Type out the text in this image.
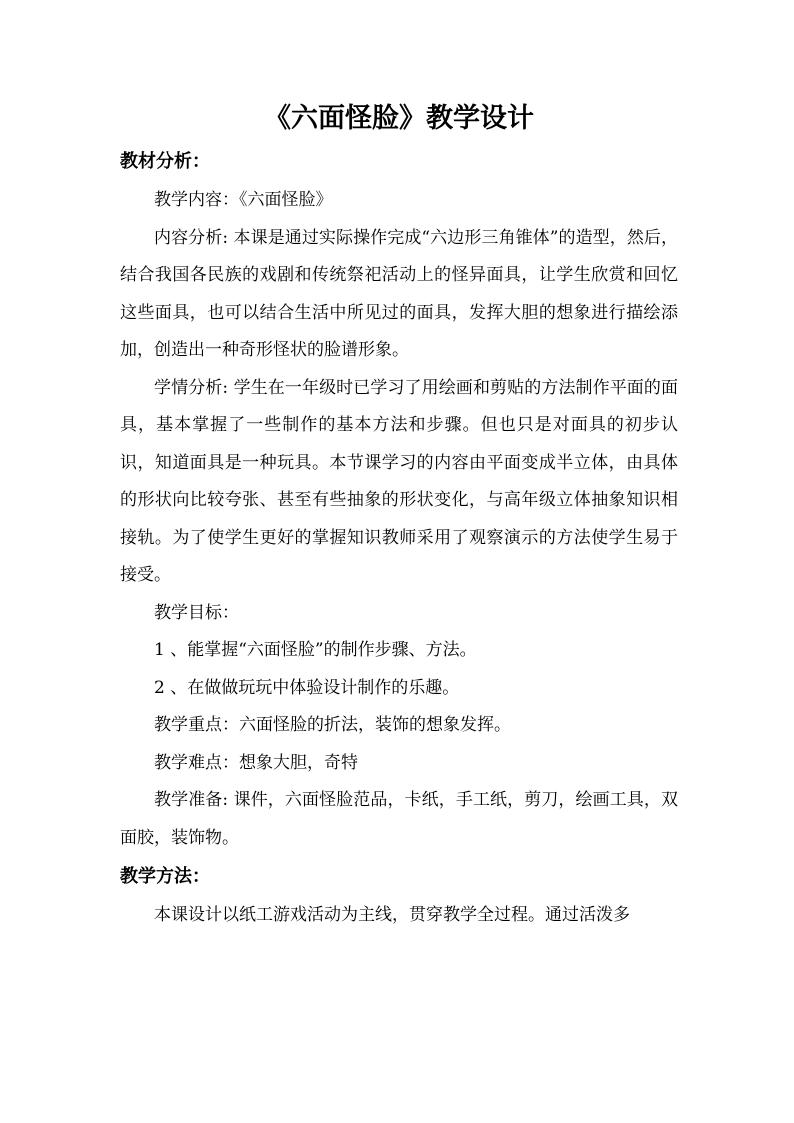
《六面怪脸》教学设计

教材分析：

教学内容：《六面怪脸》

内容分析: 本课是通过实际操作完成“六边形三角锥体”的造型，然后，结合我国各民族的戏剧和传统祭祀活动上的怪异面具，让学生欣赏和回忆这些面具，也可以结合生活中所见过的面具，发挥大胆的想象进行描绘添加，创造出一种奇形怪状的脸谱形象。

学情分析: 学生在一年级时已学习了用绘画和剪贴的方法制作平面的面具，基本掌握了一些制作的基本方法和步骤。但也只是对面具的初步认识，知道面具是一种玩具。本节课学习的内容由平面变成半立体，由具体的形状向比较夸张、甚至有些抽象的形状变化，与高年级立体抽象知识相接轨。为了使学生更好的掌握知识教师采用了观察演示的方法使学生易于接受。

教学目标：

1 、能掌握“六面怪脸”的制作步骤、方法。

2 、在做做玩玩中体验设计制作的乐趣。

教学重点：六面怪脸的折法，装饰的想象发挥。

教学难点：想象大胆，奇特

教学准备: 课件，六面怪脸范品，卡纸，手工纸，剪刀，绘画工具，双面胶，装饰物。

教学方法：

本课设计以纸工游戏活动为主线，贯穿教学全过程。通过活泼多
